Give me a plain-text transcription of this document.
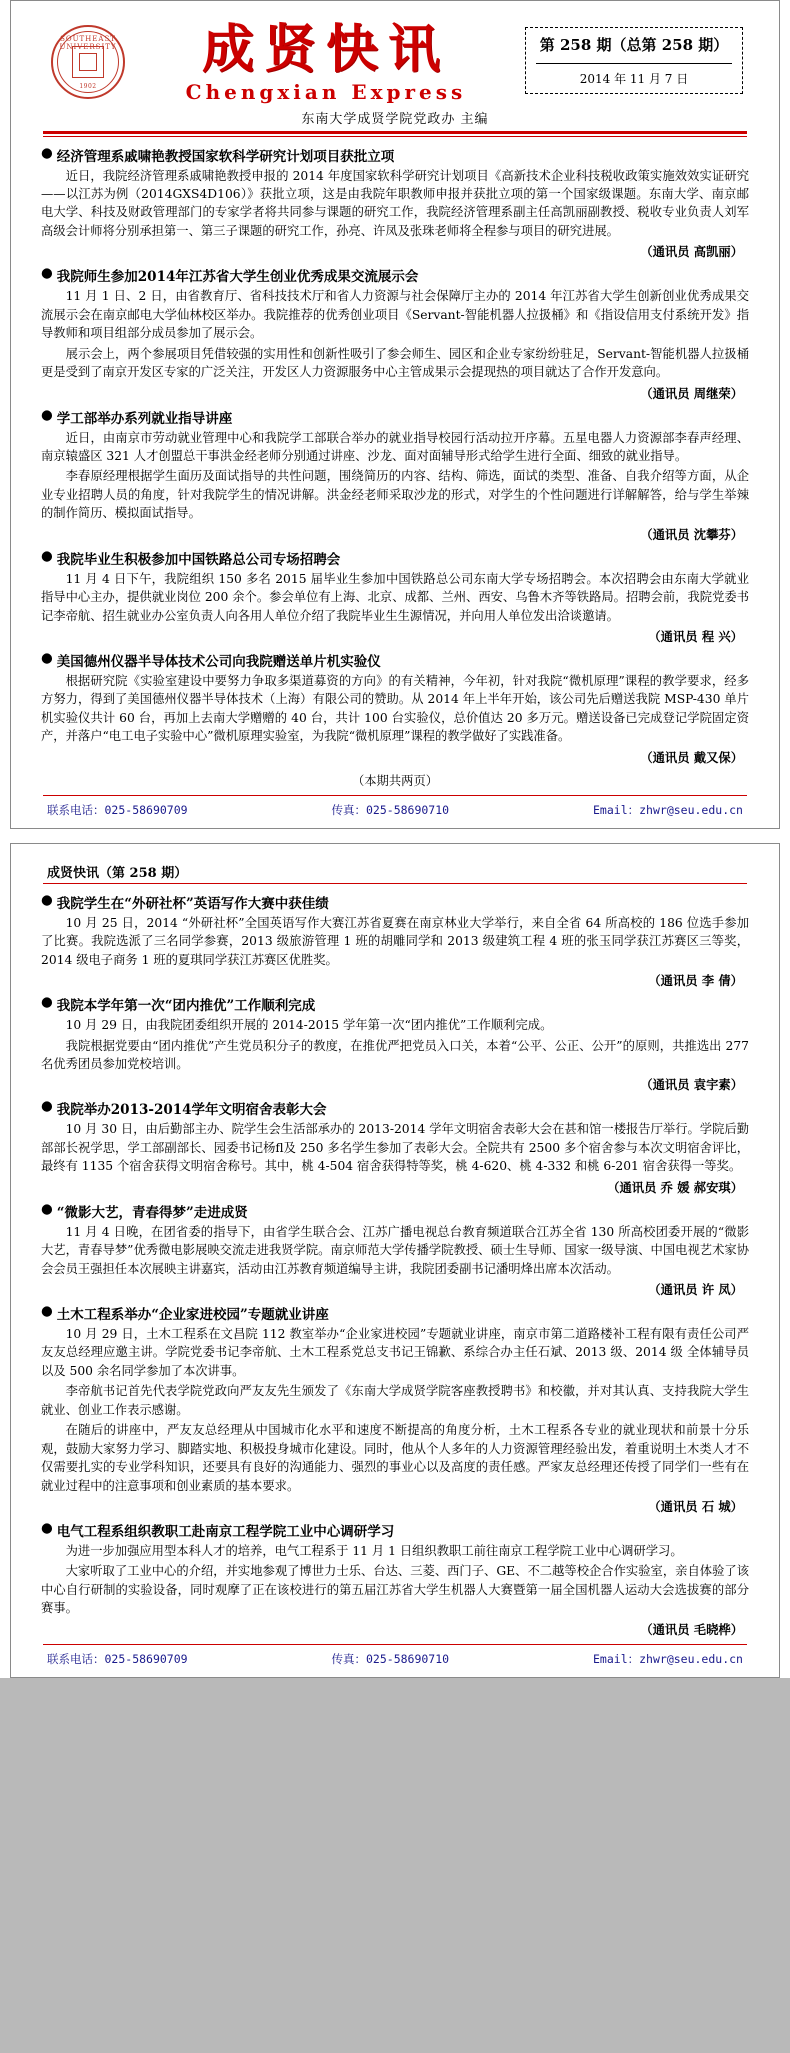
SOUTHEAST UNIVERSITY
1902
成贤快讯
Chengxian Express
第 258 期（总第 258 期）
2014 年 11 月 7 日
东南大学成贤学院党政办 主编
● 经济管理系戚啸艳教授国家软科学研究计划项目获批立项

近日，我院经济管理系戚啸艳教授申报的 2014 年度国家软科学研究计划项目《高新技术企业科技税收政策实施效效实证研究——以江苏为例（2014GXS4D106）》获批立项，这是由我院年职教师申报并获批立项的第一个国家级课题。东南大学、南京邮电大学、科技及财政管理部门的专家学者将共同参与课题的研究工作，我院经济管理系副主任高凯丽副教授、税收专业负责人刘军高级会计师将分别承担第一、第三子课题的研究工作，孙亮、许凤及张珠老师将全程参与项目的研究进展。

（通讯员 高凯丽）
● 我院师生参加2014年江苏省大学生创业优秀成果交流展示会

11 月 1 日、2 日，由省教育厅、省科技技术厅和省人力资源与社会保障厅主办的 2014 年江苏省大学生创新创业优秀成果交流展示会在南京邮电大学仙林校区举办。我院推荐的优秀创业项目《Servant-智能机器人拉扱桶》和《指设信用支付系统开发》指导教师和项目组部分成员参加了展示会。

展示会上，两个参展项目凭借较强的实用性和创新性吸引了参会师生、园区和企业专家纷纷驻足，Servant-智能机器人拉扱桶更是受到了南京开发区专家的广泛关注，开发区人力资源服务中心主管成果示会提现热的项目就达了合作开发意向。

（通讯员 周继荣）
● 学工部举办系列就业指导讲座

近日，由南京市劳动就业管理中心和我院学工部联合举办的就业指导校园行活动拉开序幕。五星电器人力资源部李春声经理、南京辕盛区 321 人才创盟总干事洪金经老师分别通过讲座、沙龙、面对面辅导形式给学生进行全面、细致的就业指导。

李春原经理根据学生面历及面试指导的共性问题，围绕简历的内容、结构、筛选，面试的类型、准备、自我介绍等方面，从企业专业招聘人员的角度，针对我院学生的情况讲解。洪金经老师采取沙龙的形式，对学生的个性问题进行详解解答，给与学生举辣的制作简历、模拟面试指导。

（通讯员 沈攀芬）
● 我院毕业生积极参加中国铁路总公司专场招聘会

11 月 4 日下午，我院组织 150 多名 2015 届毕业生参加中国铁路总公司东南大学专场招聘会。本次招聘会由东南大学就业指导中心主办，提供就业岗位 200 余个。参会单位有上海、北京、成都、兰州、西安、乌鲁木齐等铁路局。招聘会前，我院党委书记李帝航、招生就业办公室负责人向各用人单位介绍了我院毕业生生源情况，并向用人单位发出洽谈邀请。

（通讯员 程 兴）
● 美国德州仪器半导体技术公司向我院赠送单片机实验仪

根据研究院《实验室建设中要努力争取多渠道募资的方向》的有关精神，今年初，针对我院“微机原理”课程的教学要求，经多方努力，得到了美国德州仪器半导体技术（上海）有限公司的赞助。从 2014 年上半年开始，该公司先后赠送我院 MSP-430 单片机实验仪共计 60 台，再加上去南大学赠赠的 40 台，共计 100 台实验仪，总价值达 20 多万元。赠送设备已完成登记学院固定资产，并落户“电工电子实验中心”微机原理实验室，为我院“微机原理”课程的教学做好了实践准备。

（通讯员 戴又保）
（本期共两页）
联系电话：025-58690709	传真：025-58690710	Email：zhwr@seu.edu.cn
成贤快讯（第 258 期）
● 我院学生在“外研社杯”英语写作大赛中获佳绩

10 月 25 日，2014 “外研社杯”全国英语写作大赛江苏省夏赛在南京林业大学举行，来自全省 64 所高校的 186 位选手参加了比赛。我院选派了三名同学参赛，2013 级旅游管理 1 班的胡雕同学和 2013 级建筑工程 4 班的张玉同学获江苏赛区三等奖，2014 级电子商务 1 班的夏琪同学获江苏赛区优胜奖。

（通讯员 李 倩）
● 我院本学年第一次“团内推优”工作顺利完成

10 月 29 日，由我院团委组织开展的 2014-2015 学年第一次“团内推优”工作顺利完成。

我院根据党要由“团内推优”产生党员积分子的教度，在推优严把党员入口关，本着“公平、公正、公开”的原则，共推选出 277 名优秀团员参加党校培训。

（通讯员 袁宇素）
● 我院举办2013-2014学年文明宿舍表彰大会

10 月 30 日，由后勤部主办、院学生会生活部承办的 2013-2014 学年文明宿舍表彰大会在甚和馆一楼报告厅举行。学院后勤部部长祝学思，学工部副部长、园委书记杨fl及 250 多名学生参加了表彰大会。全院共有 2500 多个宿舍参与本次文明宿舍评比，最终有 1135 个宿舍获得文明宿舍称号。其中，桃 4-504 宿舍获得特等奖，桃 4-620、桃 4-332 和桃 6-201 宿舍获得一等奖。

（通讯员 乔 媛 郝安琪）
● “微影大艺，青春得梦”走进成贤

11 月 4 日晚，在团省委的指导下，由省学生联合会、江苏广播电视总台教育频道联合江苏全省 130 所高校团委开展的“微影大艺，青春导梦”优秀微电影展映交流走进我贤学院。南京师范大学传播学院教授、硕士生导师、国家一级导演、中国电视艺术家协会会员王强担任本次展映主讲嘉宾，活动由江苏教育频道编导主讲，我院团委副书记潘明烽出席本次活动。

（通讯员 许 凤）
● 土木工程系举办“企业家进校园”专题就业讲座

10 月 29 日，土木工程系在文昌院 112 教室举办“企业家进校园”专题就业讲座，南京市第二道路楼补工程有限有责任公司严友友总经理应邀主讲。学院党委书记李帝航、土木工程系党总支书记王锦歉、系综合办主任石斌、2013 级、2014 级 全体辅导员以及 500 余名同学参加了本次讲事。

李帝航书记首先代表学院党政向严友友先生颁发了《东南大学成贤学院客座教授聘书》和校徽，并对其认真、支持我院大学生就业、创业工作表示感谢。

在随后的讲座中，严友友总经理从中国城市化水平和速度不断提高的角度分析，土木工程系各专业的就业现状和前景十分乐观，鼓励大家努力学习、脚踏实地、积极投身城市化建设。同时，他从个人多年的人力资源管理经验出发，着重说明土木类人才不仅需要扎实的专业学科知识，还要具有良好的沟通能力、强烈的事业心以及高度的责任感。严家友总经理还传授了同学们一些有在就业过程中的注意事项和创业素质的基本要求。

（通讯员 石 城）
● 电气工程系组织教职工赴南京工程学院工业中心调研学习

为进一步加强应用型本科人才的培养，电气工程系于 11 月 1 日组织教职工前往南京工程学院工业中心调研学习。

大家听取了工业中心的介绍，并实地参观了博世力士乐、台达、三菱、西门子、GE、不二越等校企合作实验室，亲自体验了该中心自行研制的实验设备，同时观摩了正在该校进行的第五届江苏省大学生机器人大赛暨第一届全国机器人运动大会选拔赛的部分赛事。

（通讯员 毛晓桦）
联系电话：025-58690709	传真：025-58690710	Email：zhwr@seu.edu.cn
